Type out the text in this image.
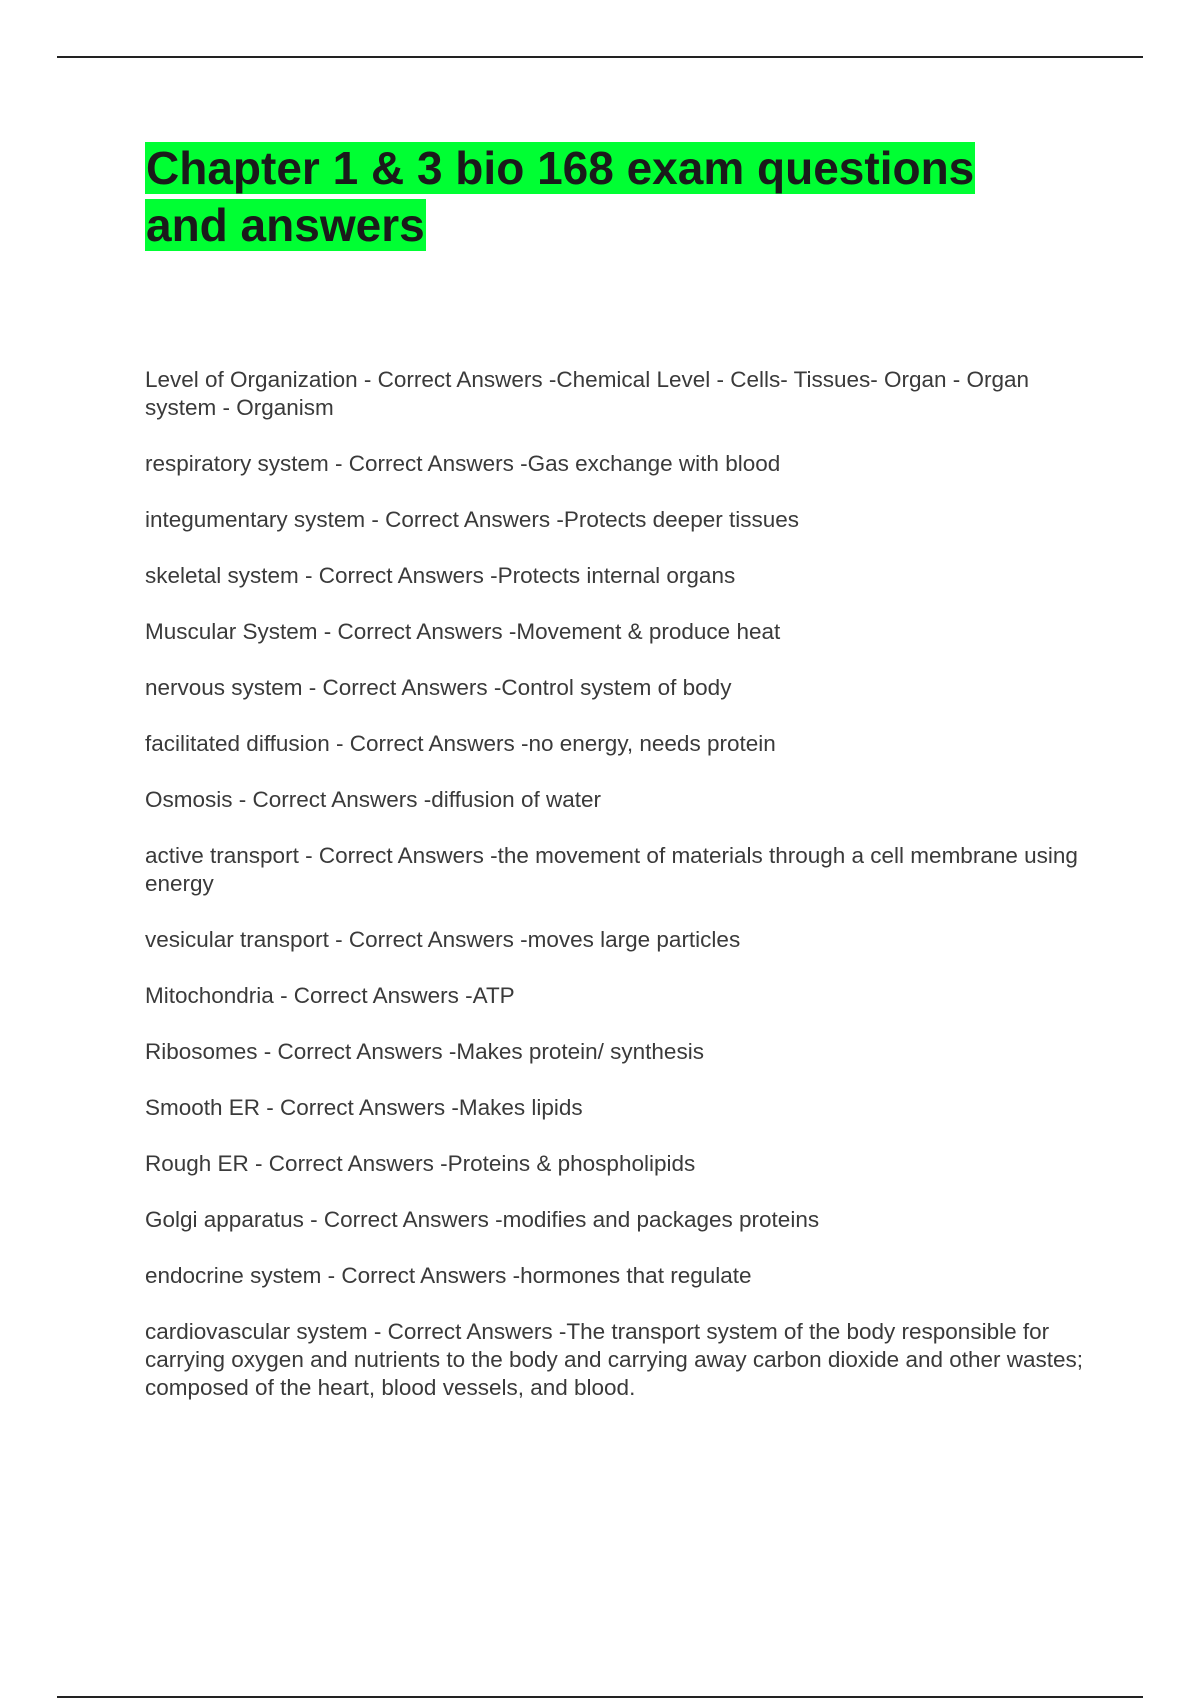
Chapter 1 & 3 bio 168 exam questions and answers
Level of Organization - Correct Answers -Chemical Level - Cells- Tissues- Organ - Organ system - Organism
respiratory system - Correct Answers -Gas exchange with blood
integumentary system - Correct Answers -Protects deeper tissues
skeletal system - Correct Answers -Protects internal organs
Muscular System - Correct Answers -Movement & produce heat
nervous system - Correct Answers -Control system of body
facilitated diffusion - Correct Answers -no energy, needs protein
Osmosis - Correct Answers -diffusion of water
active transport - Correct Answers -the movement of materials through a cell membrane using energy
vesicular transport - Correct Answers -moves large particles
Mitochondria - Correct Answers -ATP
Ribosomes - Correct Answers -Makes protein/ synthesis
Smooth ER - Correct Answers -Makes lipids
Rough ER - Correct Answers -Proteins & phospholipids
Golgi apparatus - Correct Answers -modifies and packages proteins
endocrine system - Correct Answers -hormones that regulate
cardiovascular system - Correct Answers -The transport system of the body responsible for carrying oxygen and nutrients to the body and carrying away carbon dioxide and other wastes; composed of the heart, blood vessels, and blood.
